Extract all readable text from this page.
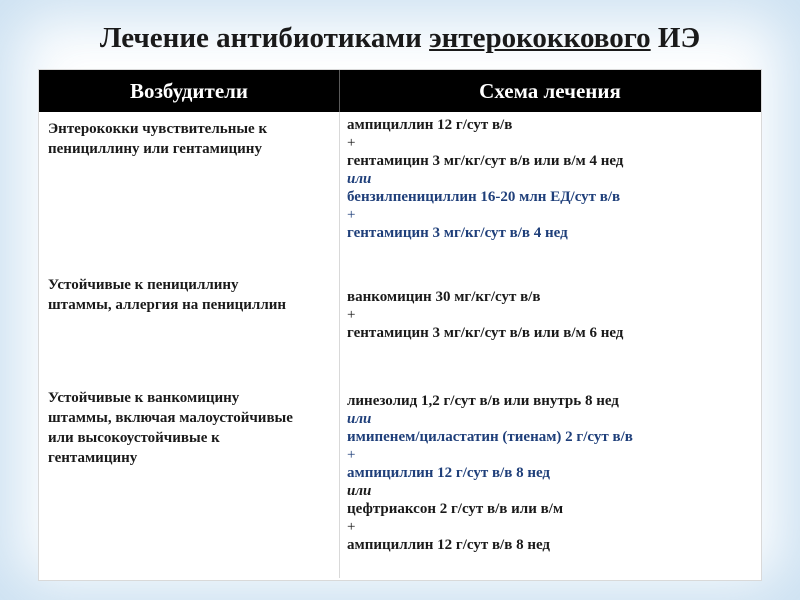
Лечение антибиотиками энтерококкового ИЭ
Возбудители	Схема лечения
Энтерококки чувствительные к пенициллину или гентамицину
ампициллин 12 г/сут в/в
+
гентамицин 3 мг/кг/сут в/в или в/м 4 нед
или
бензилпенициллин 16-20 млн ЕД/сут в/в
+
гентамицин 3 мг/кг/сут в/в 4 нед
Устойчивые к пенициллину штаммы, аллергия на пенициллин	ванкомицин 30 мг/кг/сут в/в
+
гентамицин 3 мг/кг/сут в/в или в/м 6 нед
Устойчивые к ванкомицину штаммы, включая малоустойчивые или высокоустойчивые к гентамицину
линезолид 1,2 г/сут в/в или внутрь 8 нед
или
имипенем/циластатин (тиенам) 2 г/сут в/в
+
ампициллин 12 г/сут в/в 8 нед
или
цефтриаксон 2 г/сут в/в или в/м
+
ампициллин 12 г/сут в/в 8 нед
